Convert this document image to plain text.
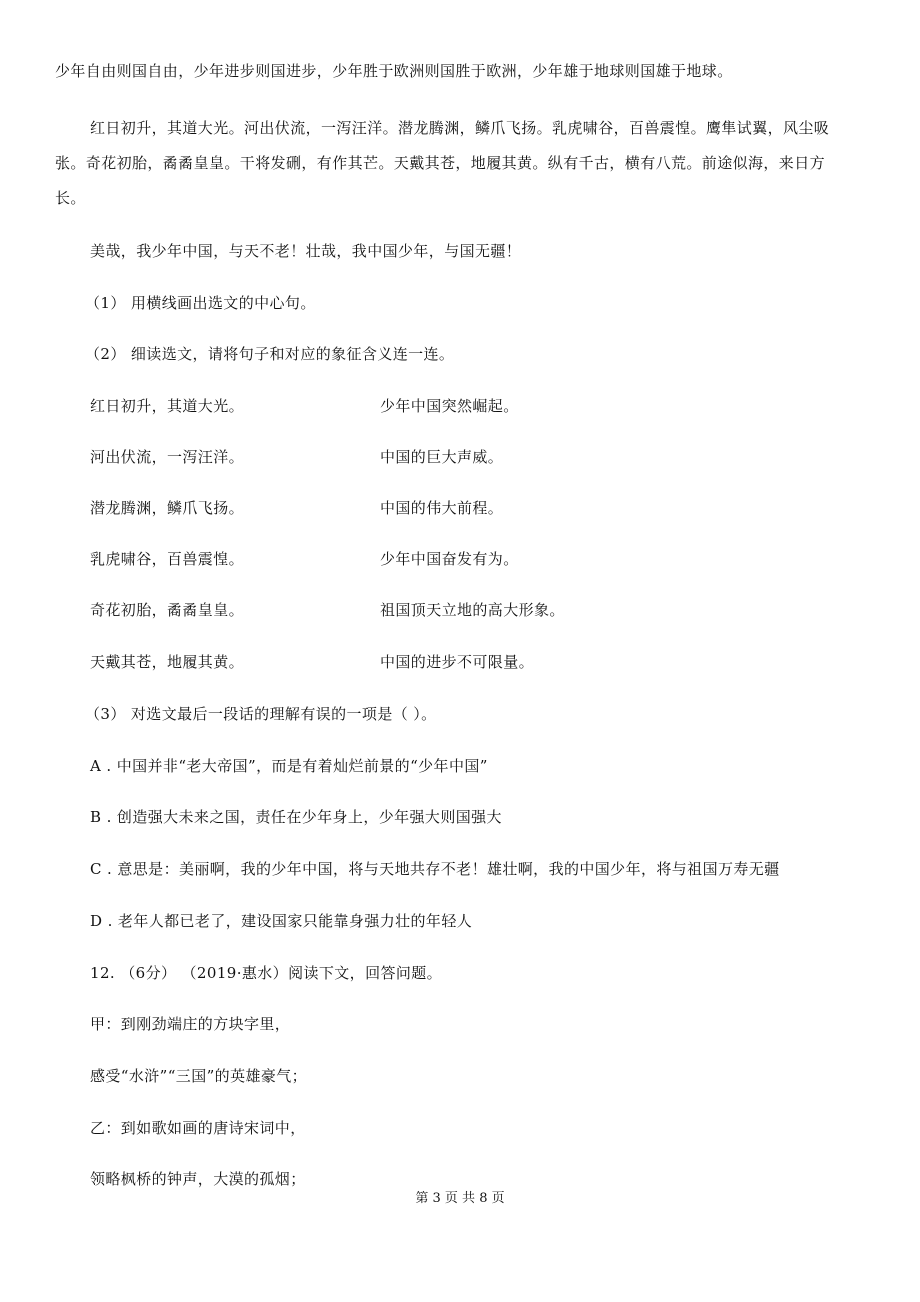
少年自由则国自由，少年进步则国进步，少年胜于欧洲则国胜于欧洲，少年雄于地球则国雄于地球。
红日初升，其道大光。河出伏流，一泻汪洋。潜龙腾渊，鳞爪飞扬。乳虎啸谷，百兽震惶。鹰隼试翼，风尘吸
张。奇花初胎，矞矞皇皇。干将发硎，有作其芒。天戴其苍，地履其黄。纵有千古，横有八荒。前途似海，来日方
长。
美哉，我少年中国，与天不老！壮哉，我中国少年，与国无疆！
（1） 用横线画出选文的中心句。
（2） 细读选文，请将句子和对应的象征含义连一连。
红日初升，其道大光。	少年中国突然崛起。
河出伏流，一泻汪洋。	中国的巨大声威。
潜龙腾渊，鳞爪飞扬。	中国的伟大前程。
乳虎啸谷，百兽震惶。	少年中国奋发有为。
奇花初胎，矞矞皇皇。	祖国顶天立地的高大形象。
天戴其苍，地履其黄。	中国的进步不可限量。
（3） 对选文最后一段话的理解有误的一项是（ ）。
A . 中国并非“老大帝国”，而是有着灿烂前景的“少年中国”
B . 创造强大未来之国，责任在少年身上，少年强大则国强大
C . 意思是：美丽啊，我的少年中国，将与天地共存不老！雄壮啊，我的中国少年，将与祖国万寿无疆
D . 老年人都已老了，建设国家只能靠身强力壮的年轻人
12. （6分） （2019·惠水）阅读下文，回答问题。
甲：到刚劲端庄的方块字里，
感受“水浒”“三国”的英雄豪气；
乙：到如歌如画的唐诗宋词中，
领略枫桥的钟声，大漠的孤烟；
第 3 页 共 8 页
